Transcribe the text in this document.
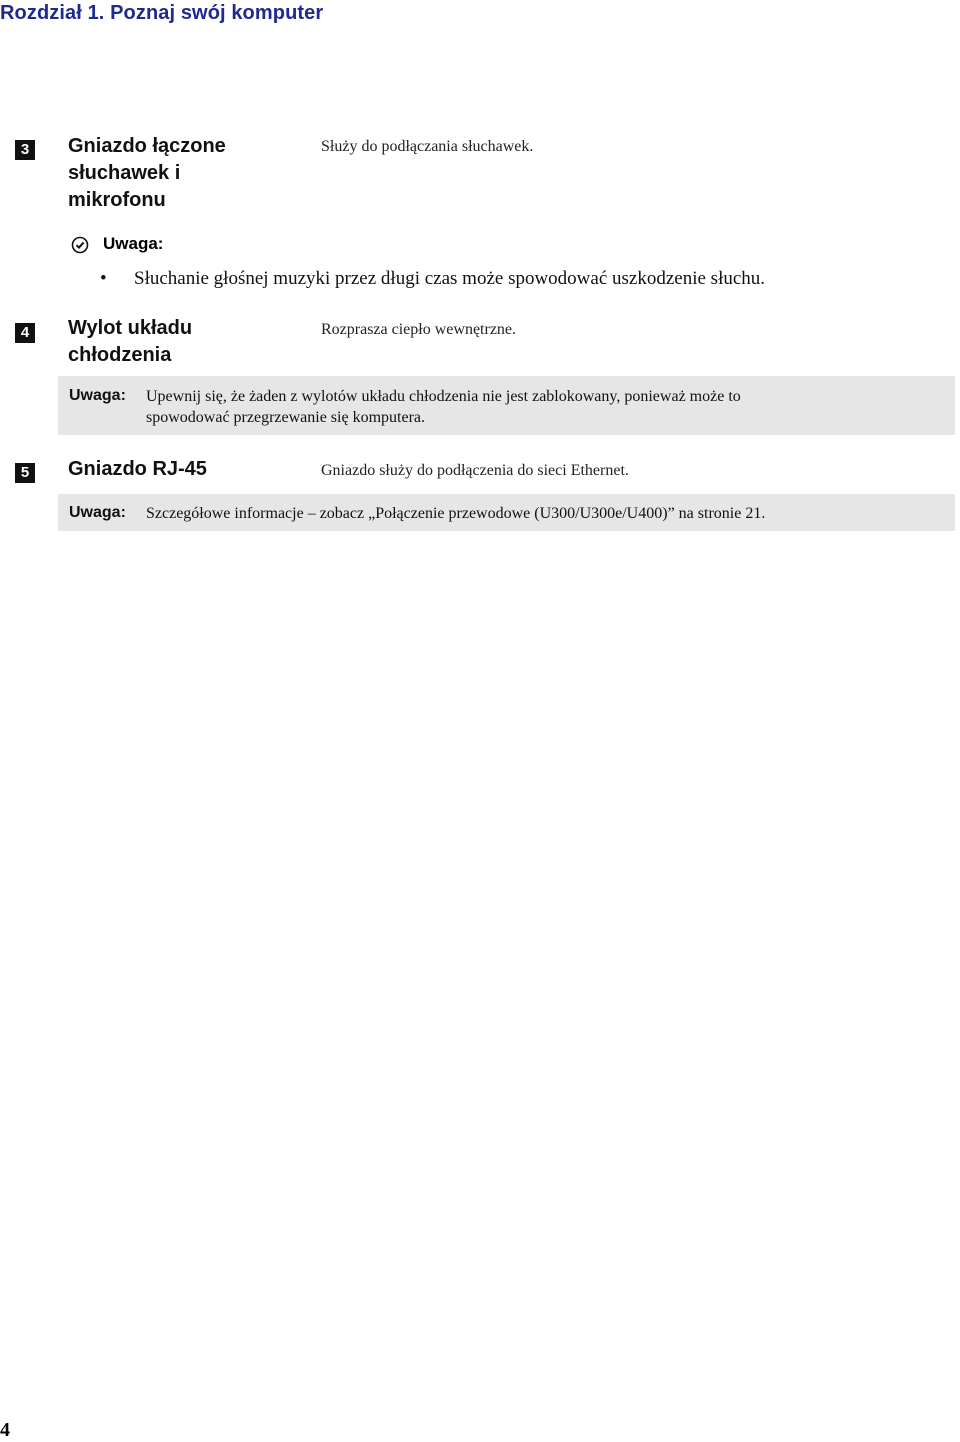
Rozdział 1. Poznaj swój komputer
3 Gniazdo łączone
słuchawek i
mikrofonu
Służy do podłączania słuchawek.
Uwaga:
• Słuchanie głośnej muzyki przez długi czas może spowodować uszkodzenie słuchu.
4 Wylot układu
chłodzenia
Rozprasza ciepło wewnętrzne.
Uwaga: Upewnij się, że żaden z wylotów układu chłodzenia nie jest zablokowany, ponieważ może to
spowodować przegrzewanie się komputera.
5 Gniazdo RJ-45	Gniazdo służy do podłączenia do sieci Ethernet.
Uwaga: Szczegółowe informacje – zobacz „Połączenie przewodowe (U300/U300e/U400)” na stronie 21.
4
